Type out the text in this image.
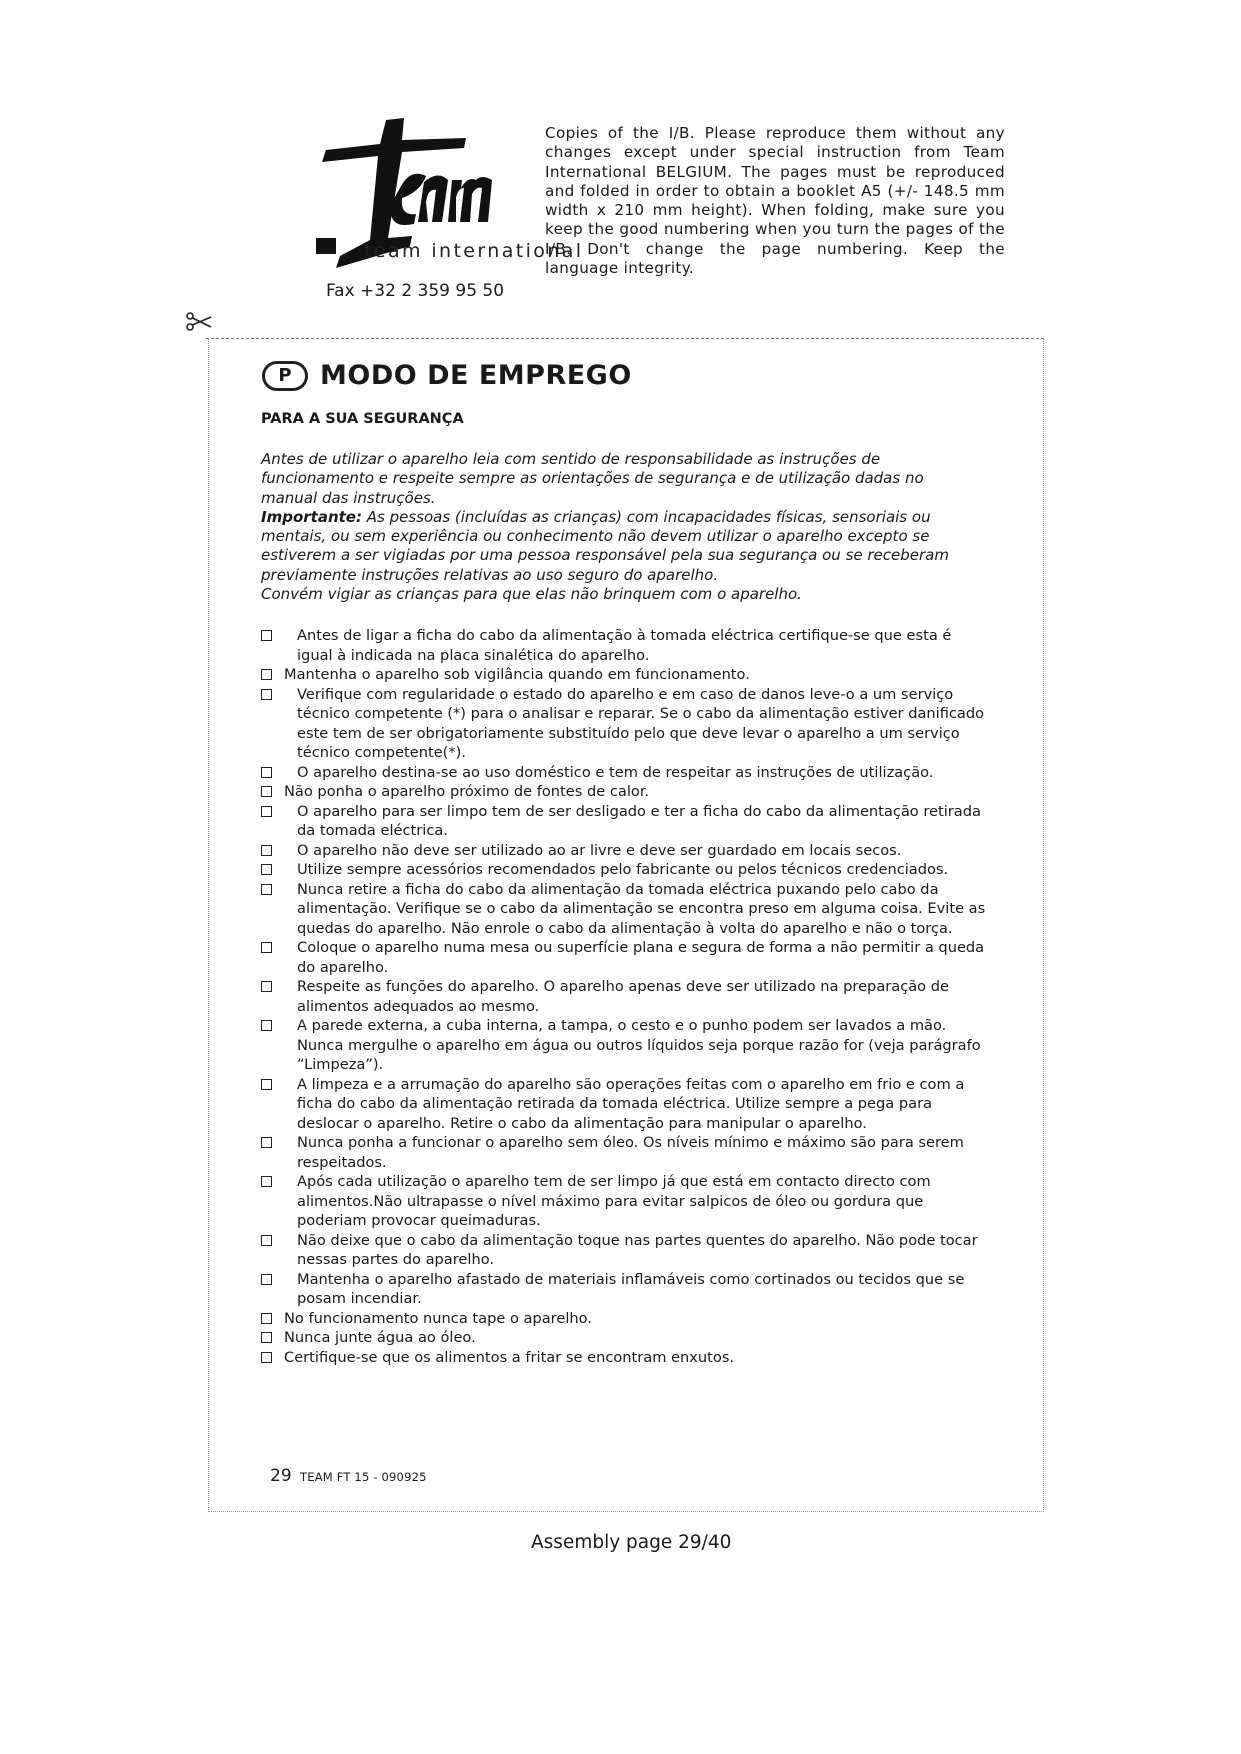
team international
Fax +32 2 359 95 50
Copies of the I/B. Please reproduce them without any changes except under special instruction from Team International BELGIUM. The pages must be reproduced and folded in order to obtain a booklet A5 (+/- 148.5 mm width x 210 mm height). When folding, make sure you keep the good numbering when you turn the pages of the I/B. Don't change the page numbering. Keep the language integrity.
P	MODO DE EMPREGO
PARA A SUA SEGURANÇA
Antes de utilizar o aparelho leia com sentido de responsabilidade as instruções de funcionamento e respeite sempre as orientações de segurança e de utilização dadas no manual das instruções.
Importante: As pessoas (incluídas as crianças) com incapacidades físicas, sensoriais ou mentais, ou sem experiência ou conhecimento não devem utilizar o aparelho excepto se estiverem a ser vigiadas por uma pessoa responsável pela sua segurança ou se receberam previamente instruções relativas ao uso seguro do aparelho.
Convém vigiar as crianças para que elas não brinquem com o aparelho.
Antes de ligar a ficha do cabo da alimentação à tomada eléctrica certifique-se que esta é igual à indicada na placa sinalética do aparelho.
Mantenha o aparelho sob vigilância quando em funcionamento.
Verifique com regularidade o estado do aparelho e em caso de danos leve-o a um serviço técnico competente (*) para o analisar e reparar. Se o cabo da alimentação estiver danificado este tem de ser obrigatoriamente substituído pelo que deve levar o aparelho a um serviço técnico competente(*).
O aparelho destina-se ao uso doméstico e tem de respeitar as instruções de utilização.
Não ponha o aparelho próximo de fontes de calor.
O aparelho para ser limpo tem de ser desligado e ter a ficha do cabo da alimentação retirada da tomada eléctrica.
O aparelho não deve ser utilizado ao ar livre e deve ser guardado em locais secos.
Utilize sempre acessórios recomendados pelo fabricante ou pelos técnicos credenciados.
Nunca retire a ficha do cabo da alimentação da tomada eléctrica puxando pelo cabo da alimentação. Verifique se o cabo da alimentação se encontra preso em alguma coisa. Evite as quedas do aparelho. Não enrole o cabo da alimentação à volta do aparelho e não o torça.
Coloque o aparelho numa mesa ou superfície plana e segura de forma a não permitir a queda do aparelho.
Respeite as funções do aparelho. O aparelho apenas deve ser utilizado na preparação de alimentos adequados ao mesmo.
A parede externa, a cuba interna, a tampa, o cesto e o punho podem ser lavados a mão. Nunca mergulhe o aparelho em água ou outros líquidos seja porque razão for (veja parágrafo “Limpeza”).
A limpeza e a arrumação do aparelho são operações feitas com o aparelho em frio e com a ficha do cabo da alimentação retirada da tomada eléctrica. Utilize sempre a pega para deslocar o aparelho. Retire o cabo da alimentação para manipular o aparelho.
Nunca ponha a funcionar o aparelho sem óleo. Os níveis mínimo e máximo são para serem respeitados.
Após cada utilização o aparelho tem de ser limpo já que está em contacto directo com alimentos.Não ultrapasse o nível máximo para evitar salpicos de óleo ou gordura que poderiam provocar queimaduras.
Não deixe que o cabo da alimentação toque nas partes quentes do aparelho. Não pode tocar nessas partes do aparelho.
Mantenha o aparelho afastado de materiais inflamáveis como cortinados ou tecidos que se posam incendiar.
No funcionamento nunca tape o aparelho.
Nunca junte água ao óleo.
Certifique-se que os alimentos a fritar se encontram enxutos.
29 TEAM FT 15 - 090925
Assembly page 29/40
